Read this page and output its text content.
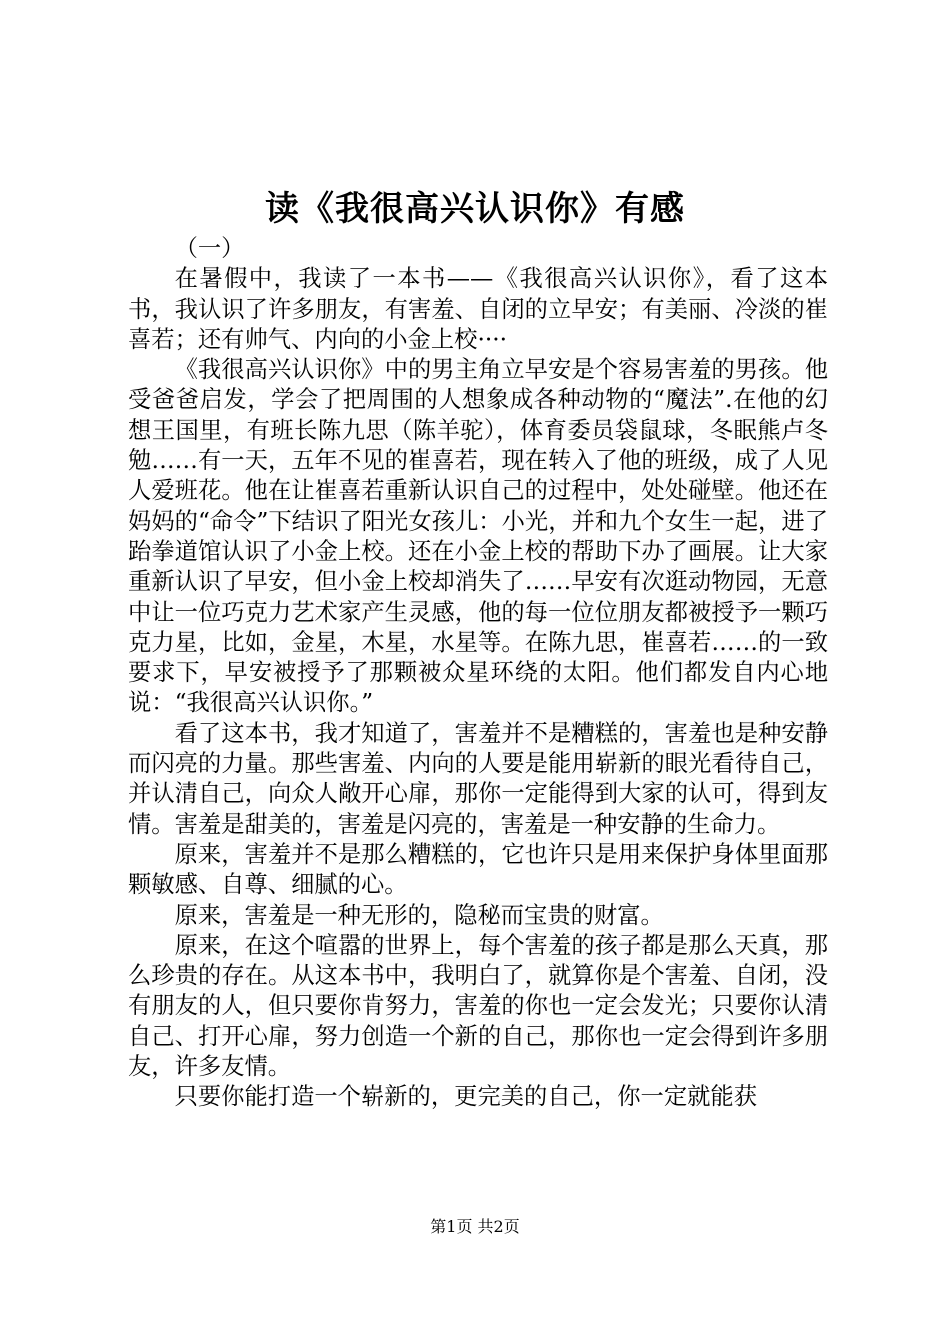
读《我很高兴认识你》有感

（一）

在暑假中，我读了一本书——《我很高兴认识你》，看了这本书，我认识了许多朋友，有害羞、自闭的立早安；有美丽、冷淡的崔喜若；还有帅气、内向的小金上校····

《我很高兴认识你》中的男主角立早安是个容易害羞的男孩。他受爸爸启发，学会了把周围的人想象成各种动物的“魔法”.在他的幻想王国里，有班长陈九思（陈羊驼），体育委员袋鼠球，冬眠熊卢冬勉……有一天，五年不见的崔喜若，现在转入了他的班级，成了人见人爱班花。他在让崔喜若重新认识自己的过程中，处处碰壁。他还在妈妈的“命令”下结识了阳光女孩儿：小光，并和九个女生一起，进了跆拳道馆认识了小金上校。还在小金上校的帮助下办了画展。让大家重新认识了早安，但小金上校却消失了……早安有次逛动物园，无意中让一位巧克力艺术家产生灵感，他的每一位位朋友都被授予一颗巧克力星，比如，金星，木星，水星等。在陈九思，崔喜若……的一致要求下，早安被授予了那颗被众星环绕的太阳。他们都发自内心地说：“我很高兴认识你。”

看了这本书，我才知道了，害羞并不是糟糕的，害羞也是种安静而闪亮的力量。那些害羞、内向的人要是能用崭新的眼光看待自己，并认清自己，向众人敞开心扉，那你一定能得到大家的认可，得到友情。害羞是甜美的，害羞是闪亮的，害羞是一种安静的生命力。

原来，害羞并不是那么糟糕的，它也许只是用来保护身体里面那颗敏感、自尊、细腻的心。

原来，害羞是一种无形的，隐秘而宝贵的财富。

原来，在这个喧嚣的世界上，每个害羞的孩子都是那么天真，那么珍贵的存在。从这本书中，我明白了，就算你是个害羞、自闭，没有朋友的人，但只要你肯努力，害羞的你也一定会发光；只要你认清自己、打开心扉，努力创造一个新的自己，那你也一定会得到许多朋友，许多友情。

只要你能打造一个崭新的，更完美的自己，你一定就能获

第1页 共2页
